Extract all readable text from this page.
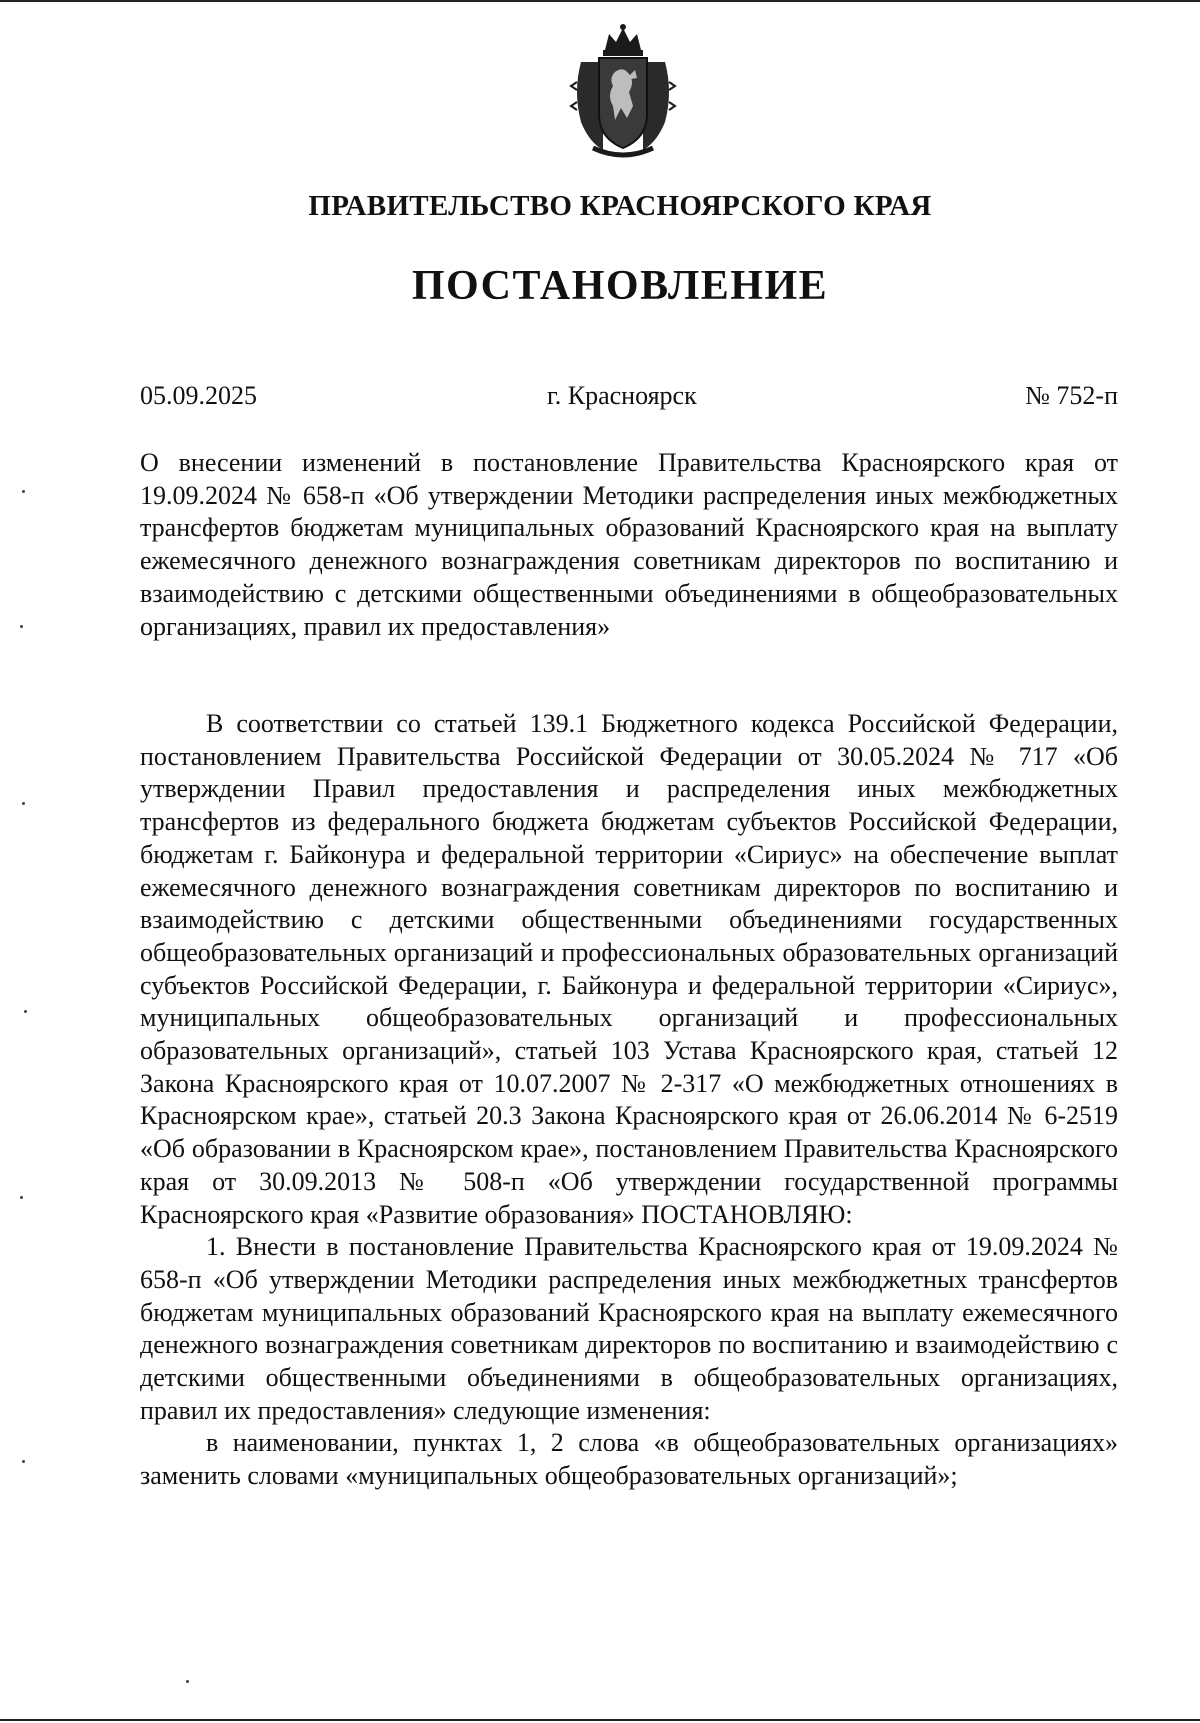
ПРАВИТЕЛЬСТВО КРАСНОЯРСКОГО КРАЯ
ПОСТАНОВЛЕНИЕ
05.09.2025	г. Красноярск	№ 752-п
О внесении изменений в постановление Правительства Красноярского края от 19.09.2024 № 658-п «Об утверждении Методики распределения иных межбюджетных трансфертов бюджетам муниципальных образований Красноярского края на выплату ежемесячного денежного вознаграждения советникам директоров по воспитанию и взаимодействию с детскими общественными объединениями в общеобразовательных организациях, правил их предоставления»

В соответствии со статьей 139.1 Бюджетного кодекса Российской Федерации, постановлением Правительства Российской Федерации от 30.05.2024 № 717 «Об утверждении Правил предоставления и распределения иных межбюджетных трансфертов из федерального бюджета бюджетам субъектов Российской Федерации, бюджетам г. Байконура и федеральной территории «Сириус» на обеспечение выплат ежемесячного денежного вознаграждения советникам директоров по воспитанию и взаимодействию с детскими общественными объединениями государственных общеобразовательных организаций и профессиональных образовательных организаций субъектов Российской Федерации, г. Байконура и федеральной территории «Сириус», муниципальных общеобразовательных организаций и профессиональных образовательных организаций», статьей 103 Устава Красноярского края, статьей 12 Закона Красноярского края от 10.07.2007 № 2-317 «О межбюджетных отношениях в Красноярском крае», статьей 20.3 Закона Красноярского края от 26.06.2014 № 6-2519 «Об образовании в Красноярском крае», постановлением Правительства Красноярского края от 30.09.2013 № 508-п «Об утверждении государственной программы Красноярского края «Развитие образования» ПОСТАНОВЛЯЮ:

1. Внести в постановление Правительства Красноярского края от 19.09.2024 № 658-п «Об утверждении Методики распределения иных межбюджетных трансфертов бюджетам муниципальных образований Красноярского края на выплату ежемесячного денежного вознаграждения советникам директоров по воспитанию и взаимодействию с детскими общественными объединениями в общеобразовательных организациях, правил их предоставления» следующие изменения:

в наименовании, пунктах 1, 2 слова «в общеобразовательных организациях» заменить словами «муниципальных общеобразовательных организаций»;
